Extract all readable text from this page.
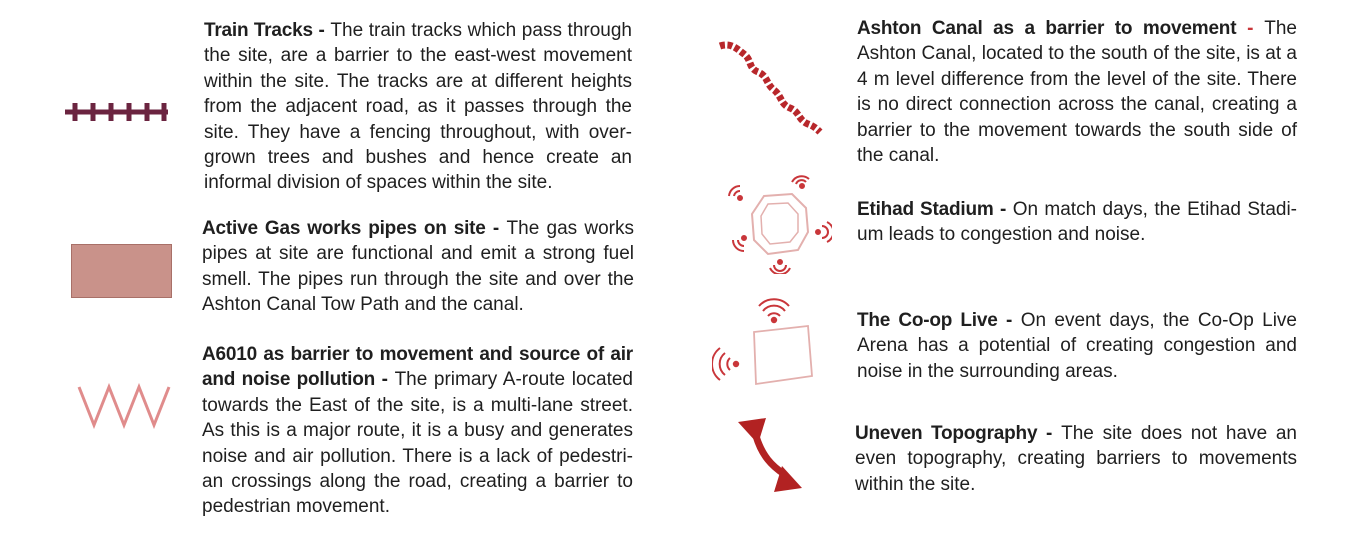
Train Tracks - The train tracks which pass through the site, are a barrier to the east-west movement within the site. The tracks are at different heights from the adjacent road, as it passes through the site. They have a fencing throughout, with over-grown trees and bushes and hence create an informal division of spaces within the site.
Active Gas works pipes on site - The gas works pipes at site are functional and emit a strong fuel smell. The pipes run through the site and over the Ashton Canal Tow Path and the canal.
A6010 as barrier to movement and source of air and noise pollution - The primary A-route located towards the East of the site, is a multi-lane street. As this is a major route, it is a busy and generates noise and air pollution. There is a lack of pedestri-an crossings along the road, creating a barrier to pedestrian movement.
Ashton Canal as a barrier to movement - The Ashton Canal, located to the south of the site, is at a 4 m level difference from the level of the site. There is no direct connection across the canal, creating a barrier to the movement towards the south side of the canal.
Etihad Stadium - On match days, the Etihad Stadi-um leads to congestion and noise.
The Co-op Live - On event days, the Co-Op Live Arena has a potential of creating congestion and noise in the surrounding areas.
Uneven Topography - The site does not have an even topography, creating barriers to movements within the site.
